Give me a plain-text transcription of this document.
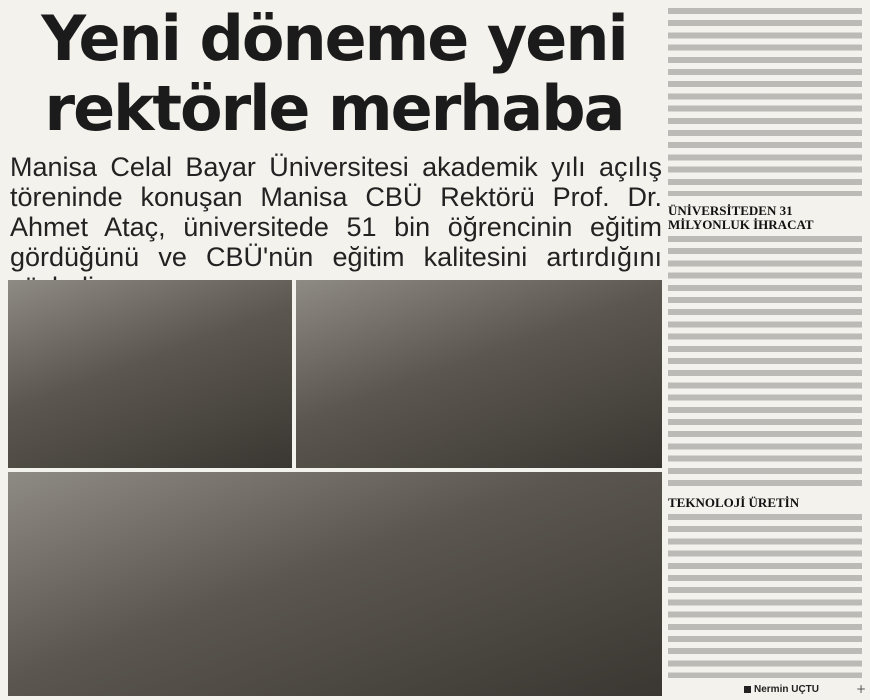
Yeni döneme yeni rektörle merhaba
Manisa Celal Bayar Üniversitesi akademik yılı açılış töreninde konuşan Manisa CBÜ Rektörü Prof. Dr. Ahmet Ataç, üniversitede 51 bin öğrencinin eğitim gördüğünü ve CBÜ'nün eğitim kalitesini artırdığını
ÜNİVERSİTEDEN 31 MİLYONLUK İHRACAT
TEKNOLOJİ ÜRETİN
Nermin UÇTU	+
